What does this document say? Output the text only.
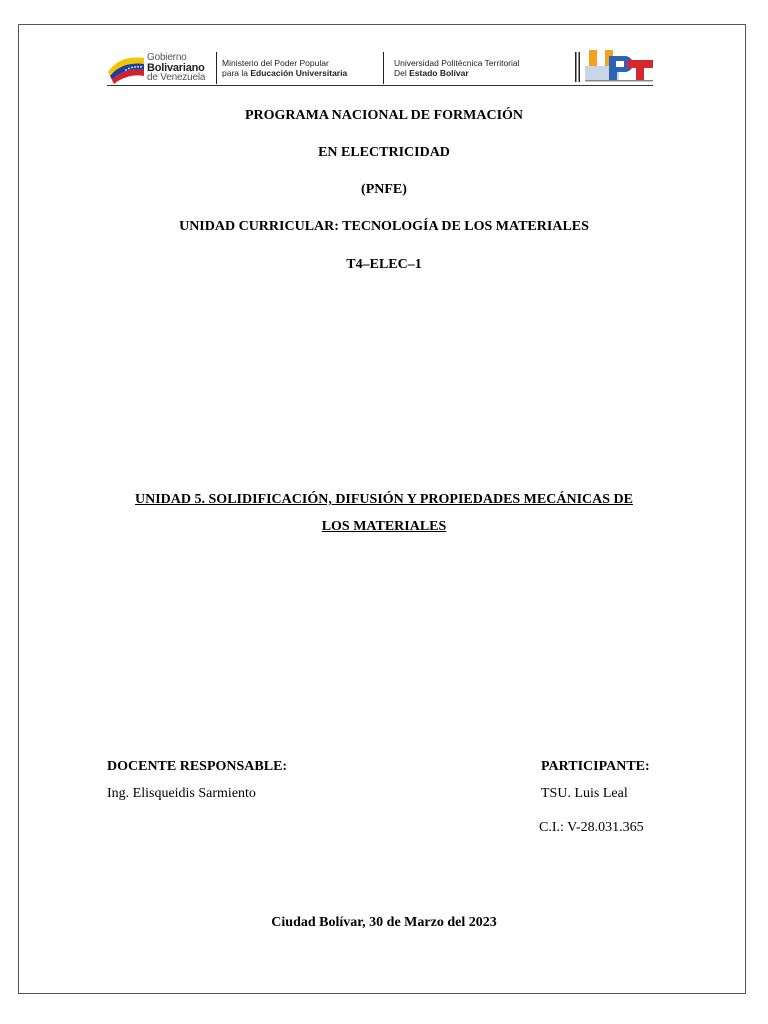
Gobierno
Bolivariano
de Venezuela
Ministerio del Poder Popular
para la Educación Universitaria
Universidad Politécnica Territorial
Del Estado Bolívar
PROGRAMA NACIONAL DE FORMACIÓN
EN ELECTRICIDAD
(PNFE)
UNIDAD CURRICULAR: TECNOLOGÍA DE LOS MATERIALES
T4–ELEC–1
UNIDAD 5. SOLIDIFICACIÓN, DIFUSIÓN Y PROPIEDADES MECÁNICAS DE
LOS MATERIALES
DOCENTE RESPONSABLE:
Ing. Elisqueidis Sarmiento
PARTICIPANTE:
TSU. Luis Leal
C.I.: V-28.031.365
Ciudad Bolívar, 30 de Marzo del 2023
